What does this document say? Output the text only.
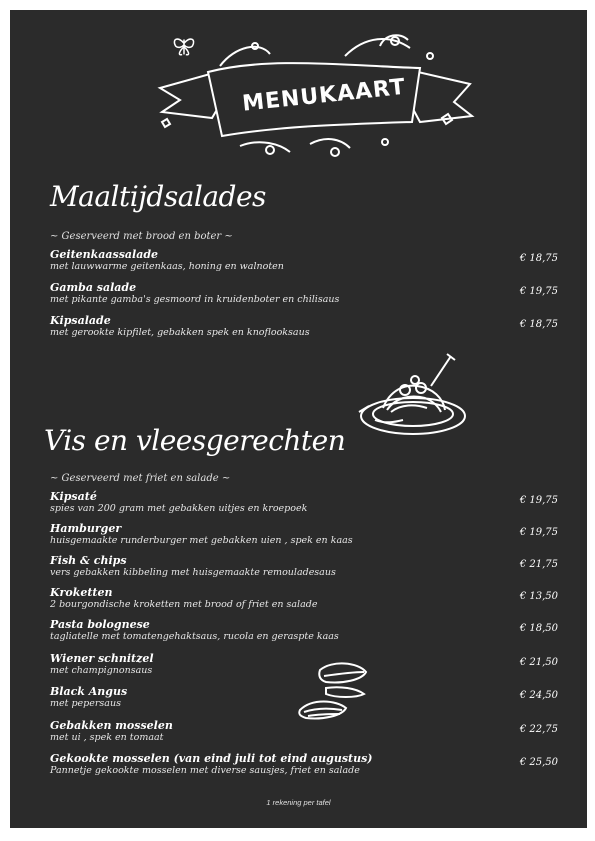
MENUKAART
Maaltijdsalades
~ Geserveerd met brood en boter ~
Geitenkaassalade
met lauwwarme geitenkaas, honing en walnoten
€ 18,75
Gamba salade
met pikante gamba's gesmoord in kruidenboter en chilisaus
€ 19,75
Kipsalade
met gerookte kipfilet, gebakken spek en knoflooksaus
€ 18,75
Vis en vleesgerechten
~ Geserveerd met friet en salade ~
Kipsaté
spies van 200 gram met gebakken uitjes en kroepoek
€ 19,75
Hamburger
huisgemaakte runderburger met gebakken uien , spek en kaas
€ 19,75
Fish & chips
vers gebakken kibbeling met huisgemaakte remouladesaus
€ 21,75
Kroketten
2 bourgondische kroketten met brood of friet en salade
€ 13,50
Pasta bolognese
tagliatelle met tomatengehaktsaus, rucola en geraspte kaas
€ 18,50
Wiener schnitzel
met champignonsaus
€ 21,50
Black Angus
met pepersaus
€ 24,50
Gebakken mosselen
met ui , spek en tomaat
€ 22,75
Gekookte mosselen (van eind juli tot eind augustus)
Pannetje gekookte mosselen met diverse sausjes, friet en salade
€ 25,50
1 rekening per tafel
